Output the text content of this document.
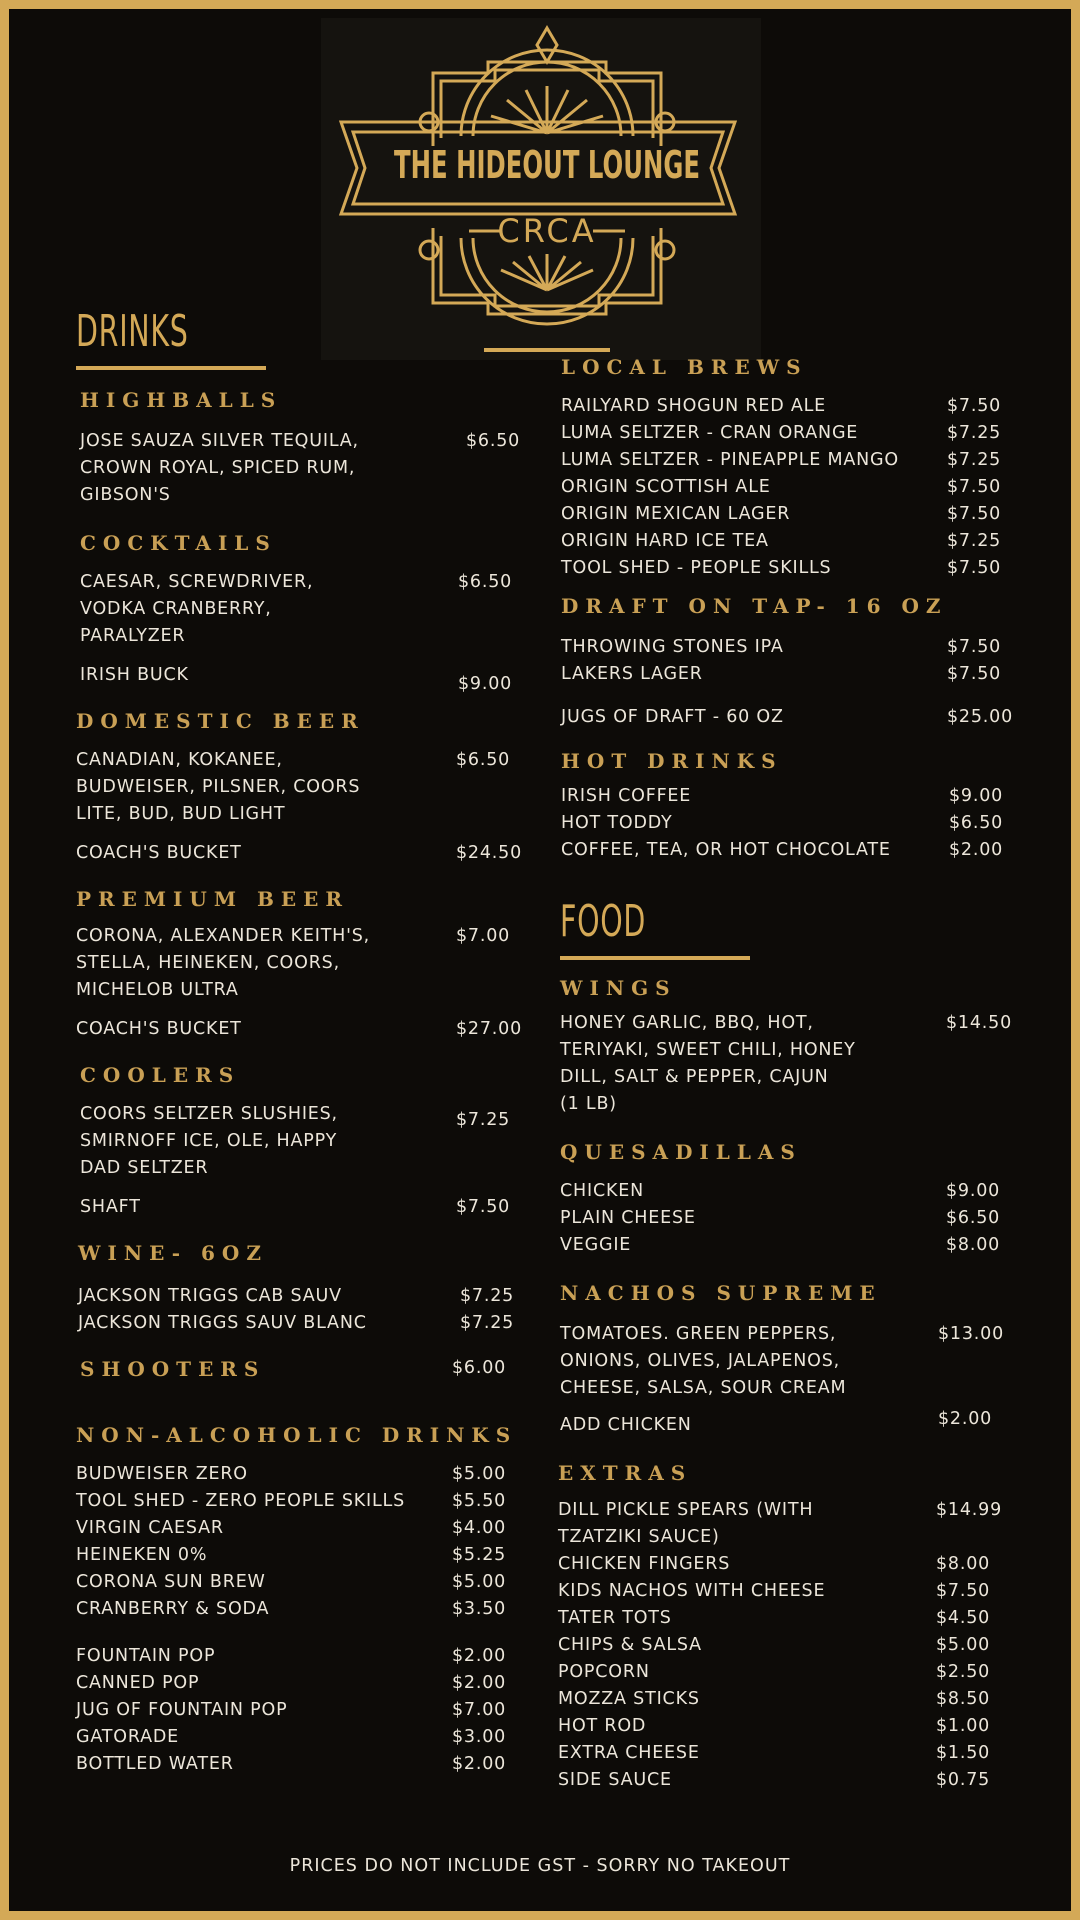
THE HIDEOUT LOUNGE
CRCA
DRINKS
HIGHBALLS
JOSE SAUZA SILVER TEQUILA,
CROWN ROYAL, SPICED RUM,
GIBSON'S
$6.50
COCKTAILS
CAESAR, SCREWDRIVER,
VODKA CRANBERRY,
PARALYZER
$6.50
IRISH BUCK	$9.00
DOMESTIC BEER
CANADIAN, KOKANEE,
BUDWEISER, PILSNER, COORS
LITE, BUD, BUD LIGHT
$6.50
COACH'S BUCKET	$24.50
PREMIUM BEER
CORONA, ALEXANDER KEITH'S,
STELLA, HEINEKEN, COORS,
MICHELOB ULTRA
$7.00
COACH'S BUCKET	$27.00
COOLERS
COORS SELTZER SLUSHIES,
SMIRNOFF ICE, OLE, HAPPY
DAD SELTZER
$7.25
SHAFT	$7.50
WINE- 6OZ
JACKSON TRIGGS CAB SAUV	$7.25
JACKSON TRIGGS SAUV BLANC	$7.25
SHOOTERS	$6.00
NON-ALCOHOLIC DRINKS
BUDWEISER ZERO	$5.00
TOOL SHED - ZERO PEOPLE SKILLS	$5.50
VIRGIN CAESAR	$4.00
HEINEKEN 0%	$5.25
CORONA SUN BREW	$5.00
CRANBERRY & SODA	$3.50
FOUNTAIN POP	$2.00
CANNED POP	$2.00
JUG OF FOUNTAIN POP	$7.00
GATORADE	$3.00
BOTTLED WATER	$2.00
LOCAL BREWS
RAILYARD SHOGUN RED ALE	$7.50
LUMA SELTZER - CRAN ORANGE	$7.25
LUMA SELTZER - PINEAPPLE MANGO	$7.25
ORIGIN SCOTTISH ALE	$7.50
ORIGIN MEXICAN LAGER	$7.50
ORIGIN HARD ICE TEA	$7.25
TOOL SHED - PEOPLE SKILLS	$7.50
DRAFT ON TAP- 16 OZ
THROWING STONES IPA	$7.50
LAKERS LAGER	$7.50
JUGS OF DRAFT - 60 OZ	$25.00
HOT DRINKS
IRISH COFFEE	$9.00
HOT TODDY	$6.50
COFFEE, TEA, OR HOT CHOCOLATE	$2.00
FOOD
WINGS
HONEY GARLIC, BBQ, HOT,
TERIYAKI, SWEET CHILI, HONEY
DILL, SALT & PEPPER, CAJUN
(1 LB)
$14.50
QUESADILLAS
CHICKEN	$9.00
PLAIN CHEESE	$6.50
VEGGIE	$8.00
NACHOS SUPREME
TOMATOES. GREEN PEPPERS,
ONIONS, OLIVES, JALAPENOS,
CHEESE, SALSA, SOUR CREAM
$13.00
ADD CHICKEN	$2.00
EXTRAS
DILL PICKLE SPEARS (WITH
TZATZIKI SAUCE)
$14.99
CHICKEN FINGERS	$8.00
KIDS NACHOS WITH CHEESE	$7.50
TATER TOTS	$4.50
CHIPS & SALSA	$5.00
POPCORN	$2.50
MOZZA STICKS	$8.50
HOT ROD	$1.00
EXTRA CHEESE	$1.50
SIDE SAUCE	$0.75
PRICES DO NOT INCLUDE GST - SORRY NO TAKEOUT
